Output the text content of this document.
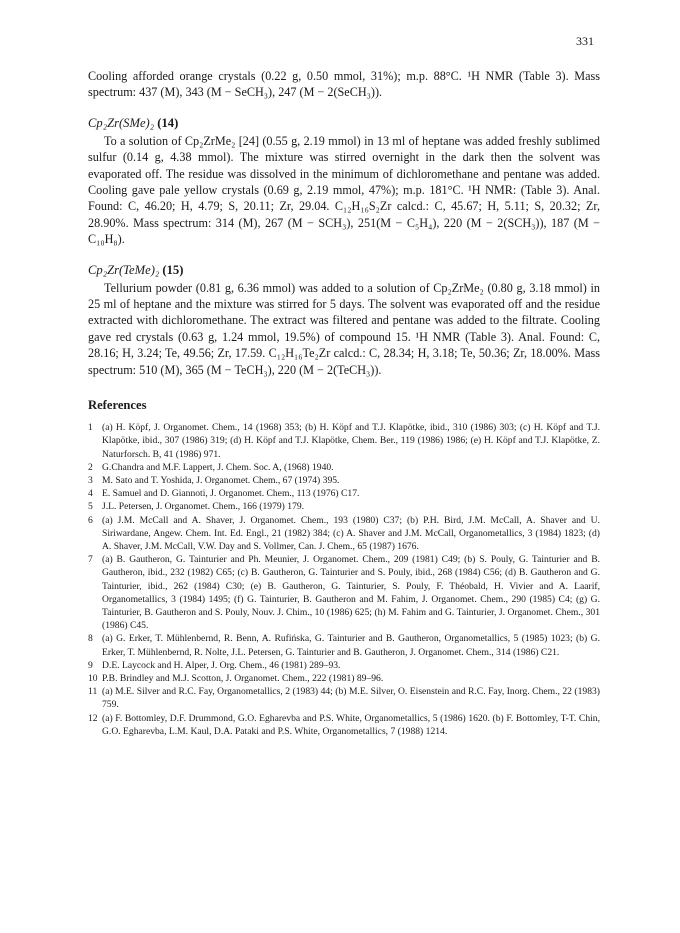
331

Cooling afforded orange crystals (0.22 g, 0.50 mmol, 31%); m.p. 88°C. ¹H NMR (Table 3). Mass spectrum: 437 (M), 343 (M − SeCH₃), 247 (M − 2(SeCH₃)).

Cp₂Zr(SMe)₂ (14)

To a solution of Cp₂ZrMe₂ [24] (0.55 g, 2.19 mmol) in 13 ml of heptane was added freshly sublimed sulfur (0.14 g, 4.38 mmol). The mixture was stirred overnight in the dark then the solvent was evaporated off. The residue was dissolved in the minimum of dichloromethane and pentane was added. Cooling gave pale yellow crystals (0.69 g, 2.19 mmol, 47%); m.p. 181°C. ¹H NMR: (Table 3). Anal. Found: C, 46.20; H, 4.79; S, 20.11; Zr, 29.04. C₁₂H₁₆S₂Zr calcd.: C, 45.67; H, 5.11; S, 20.32; Zr, 28.90%. Mass spectrum: 314 (M), 267 (M − SCH₃), 251(M − C₅H₄), 220 (M − 2(SCH₃)), 187 (M − C₁₀H₈).

Cp₂Zr(TeMe)₂ (15)

Tellurium powder (0.81 g, 6.36 mmol) was added to a solution of Cp₂ZrMe₂ (0.80 g, 3.18 mmol) in 25 ml of heptane and the mixture was stirred for 5 days. The solvent was evaporated off and the residue extracted with dichloromethane. The extract was filtered and pentane was added to the filtrate. Cooling gave red crystals (0.63 g, 1.24 mmol, 19.5%) of compound 15. ¹H NMR (Table 3). Anal. Found: C, 28.16; H, 3.24; Te, 49.56; Zr, 17.59. C₁₂H₁₆Te₂Zr calcd.: C, 28.34; H, 3.18; Te, 50.36; Zr, 18.00%. Mass spectrum: 510 (M), 365 (M − TeCH₃), 220 (M − 2(TeCH₃)).

References
1 (a) H. Köpf, J. Organomet. Chem., 14 (1968) 353; (b) H. Köpf and T.J. Klapötke, ibid., 310 (1986) 303; (c) H. Köpf and T.J. Klapötke, ibid., 307 (1986) 319; (d) H. Köpf and T.J. Klapötke, Chem. Ber., 119 (1986) 1986; (e) H. Köpf and T.J. Klapötke, Z. Naturforsch. B, 41 (1986) 971.
2 G.Chandra and M.F. Lappert, J. Chem. Soc. A, (1968) 1940.
3 M. Sato and T. Yoshida, J. Organomet. Chem., 67 (1974) 395.
4 E. Samuel and D. Giannoti, J. Organomet. Chem., 113 (1976) C17.
5 J.L. Petersen, J. Organomet. Chem., 166 (1979) 179.
6 (a) J.M. McCall and A. Shaver, J. Organomet. Chem., 193 (1980) C37; (b) P.H. Bird, J.M. McCall, A. Shaver and U. Siriwardane, Angew. Chem. Int. Ed. Engl., 21 (1982) 384; (c) A. Shaver and J.M. McCall, Organometallics, 3 (1984) 1823; (d) A. Shaver, J.M. McCall, V.W. Day and S. Vollmer, Can. J. Chem., 65 (1987) 1676.
7 (a) B. Gautheron, G. Tainturier and Ph. Meunier, J. Organomet. Chem., 209 (1981) C49; (b) S. Pouly, G. Tainturier and B. Gautheron, ibid., 232 (1982) C65; (c) B. Gautheron, G. Tainturier and S. Pouly, ibid., 268 (1984) C56; (d) B. Gautheron and G. Tainturier, ibid., 262 (1984) C30; (e) B. Gautheron, G. Tainturier, S. Pouly, F. Théobald, H. Vivier and A. Laarif, Organometallics, 3 (1984) 1495; (f) G. Tainturier, B. Gautheron and M. Fahim, J. Organomet. Chem., 290 (1985) C4; (g) G. Tainturier, B. Gautheron and S. Pouly, Nouv. J. Chim., 10 (1986) 625; (h) M. Fahim and G. Tainturier, J. Organomet. Chem., 301 (1986) C45.
8 (a) G. Erker, T. Mühlenbernd, R. Benn, A. Rufińska, G. Tainturier and B. Gautheron, Organometallics, 5 (1985) 1023; (b) G. Erker, T. Mühlenbernd, R. Nolte, J.L. Petersen, G. Tainturier and B. Gautheron, J. Organomet. Chem., 314 (1986) C21.
9 D.E. Laycock and H. Alper, J. Org. Chem., 46 (1981) 289–93.
10 P.B. Brindley and M.J. Scotton, J. Organomet. Chem., 222 (1981) 89–96.
11 (a) M.E. Silver and R.C. Fay, Organometallics, 2 (1983) 44; (b) M.E. Silver, O. Eisenstein and R.C. Fay, Inorg. Chem., 22 (1983) 759.
12 (a) F. Bottomley, D.F. Drummond, G.O. Egharevba and P.S. White, Organometallics, 5 (1986) 1620. (b) F. Bottomley, T-T. Chin, G.O. Egharevba, L.M. Kaul, D.A. Pataki and P.S. White, Organometallics, 7 (1988) 1214.
